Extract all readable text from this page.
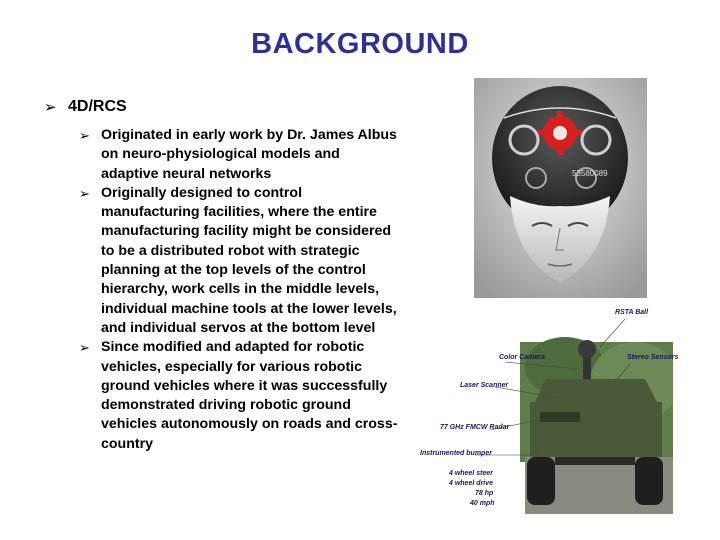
BACKGROUND
➢ 4D/RCS
➢ Originated in early work by Dr. James Albus on neuro-physiological models and adaptive neural networks
➢ Originally designed to control manufacturing facilities, where the entire manufacturing facility might be considered to be a distributed robot with strategic planning at the top levels of the control hierarchy, work cells in the middle levels, individual machine tools at the lower levels, and individual servos at the bottom level
➢ Since modified and adapted for robotic vehicles, especially for various robotic ground vehicles where it was successfully demonstrated driving robotic ground vehicles autonomously on roads and cross-country
53580089
RSTA Ball
Color Camera	Stereo Sensors
Laser Scanner
77 GHz FMCW Radar
Instrumented bumper
4 wheel steer
4 wheel drive
78 hp
40 mph
